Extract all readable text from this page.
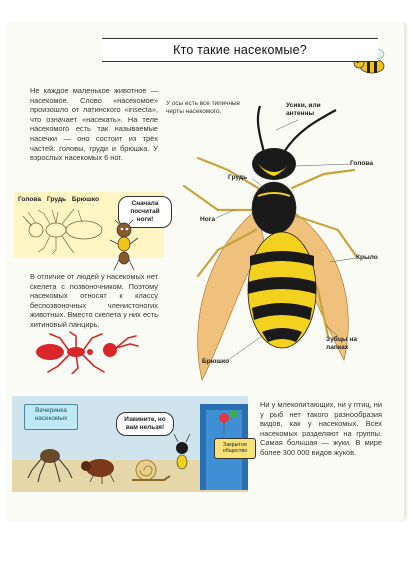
Кто такие насекомые?
Не каждое маленькое животное — насекомое. Слово «насекомое» произошло от латинского «insecta», что означает «насекать». На теле насекомого есть так называемые насечки — оно состоит из трёх частей: головы, груди и брюшка. У взрослых насекомых 6 ног.
Голова Грудь Брюшко
Сначала посчитай ноги!
В отличие от людей у насекомых нет скелета с позвоночником. Поэтому насекомых относят к классу беспозвоночных членистоногих животных. Вместо скелета у них есть хитиновый панцирь.
У осы есть все типичные черты насекомого.
Усики, или антенны
Голова
Грудь
Нога
Крыло
Зубцы на лапках
Брюшко
Вечеринка насекомых	Извините, но вам нельзя!
Закрытое общество
Ни у млекопитающих, ни у птиц, ни у рыб нет такого разнообразия видов, как у насекомых. Всех насекомых разделяют на группы. Самая большая — жуки. В мире более 300 000 видов жуков.
